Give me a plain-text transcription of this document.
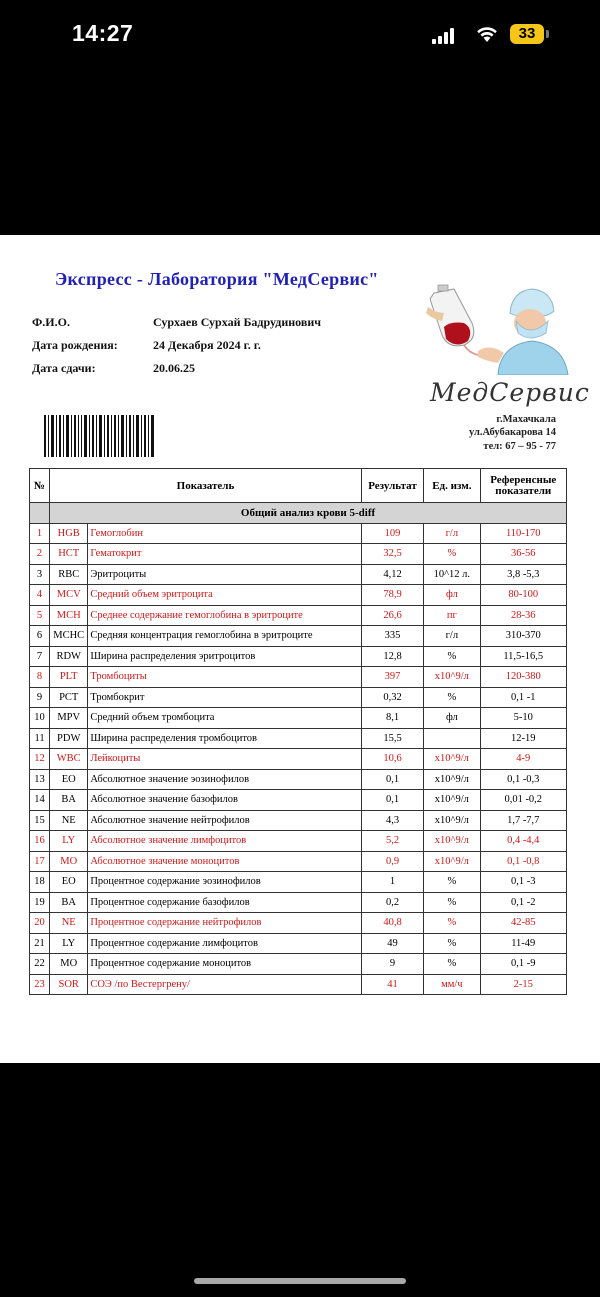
14:27	33
Экспресс - Лаборатория "МедСервис"
Ф.И.О.	Сурхаев Сурхай Бадрудинович
Дата рождения:	24 Декабря 2024 г. г.
Дата сдачи:	20.06.25
МедСервис
г.Махачкала
ул.Абубакарова 14
тел: 67 – 95 - 77
№	Показатель		Результат	Ед. изм.	Референсные
показатели

	Общий анализ крови 5-diff				
1	HGB	Гемоглобин	109	г/л	110-170
2	HCT	Гематокрит	32,5	%	36-56
3	RBC	Эритроциты	4,12	10^12 л.	3,8 -5,3
4	MCV	Средний объем эритроцита	78,9	фл	80-100
5	MCH	Среднее содержание гемоглобина в эритроците	26,6	пг	28-36
6	MCHC	Средняя концентрация гемоглобина в эритроците	335	г/л	310-370
7	RDW	Ширина распределения эритроцитов	12,8	%	11,5-16,5
8	PLT	Тромбоциты	397	x10^9/л	120-380
9	PCT	Тромбокрит	0,32	%	0,1 -1
10	MPV	Средний объем тромбоцита	8,1	фл	5-10
11	PDW	Ширина распределения тромбоцитов	15,5		12-19
12	WBC	Лейкоциты	10,6	x10^9/л	4-9
13	EO	Абсолютное значение эозинофилов	0,1	x10^9/л	0,1 -0,3
14	BA	Абсолютное значение базофилов	0,1	x10^9/л	0,01 -0,2
15	NE	Абсолютное значение нейтрофилов	4,3	x10^9/л	1,7 -7,7
16	LY	Абсолютное значение лимфоцитов	5,2	x10^9/л	0,4 -4,4
17	MO	Абсолютное значение моноцитов	0,9	x10^9/л	0,1 -0,8
18	EO	Процентное содержание эозинофилов	1	%	0,1 -3
19	BA	Процентное содержание базофилов	0,2	%	0,1 -2
20	NE	Процентное содержание нейтрофилов	40,8	%	42-85
21	LY	Процентное содержание лимфоцитов	49	%	11-49
22	MO	Процентное содержание моноцитов	9	%	0,1 -9
23	SOR	СОЭ /по Вестергрену/	41	мм/ч	2-15
